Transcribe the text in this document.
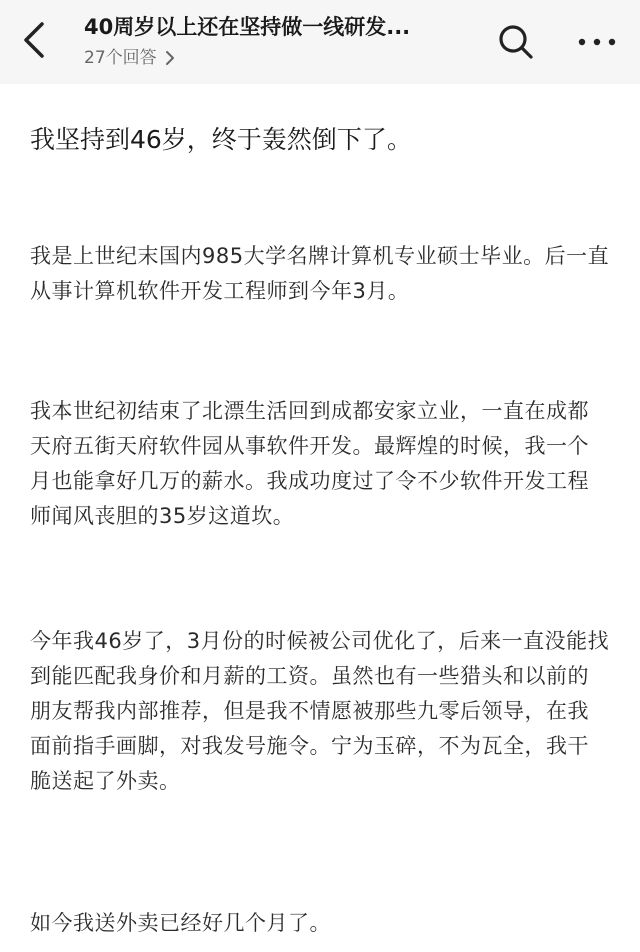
40周岁以上还在坚持做一线研发...
27个回答
我坚持到46岁，终于轰然倒下了。
我是上世纪末国内985大学名牌计算机专业硕士毕业。后一直从事计算机软件开发工程师到今年3月。
我本世纪初结束了北漂生活回到成都安家立业，一直在成都天府五街天府软件园从事软件开发。最辉煌的时候，我一个月也能拿好几万的薪水。我成功度过了令不少软件开发工程师闻风丧胆的35岁这道坎。
今年我46岁了，3月份的时候被公司优化了，后来一直没能找到能匹配我身价和月薪的工资。虽然也有一些猎头和以前的朋友帮我内部推荐，但是我不情愿被那些九零后领导，在我面前指手画脚，对我发号施令。宁为玉碎，不为瓦全，我干脆送起了外卖。
如今我送外卖已经好几个月了。
